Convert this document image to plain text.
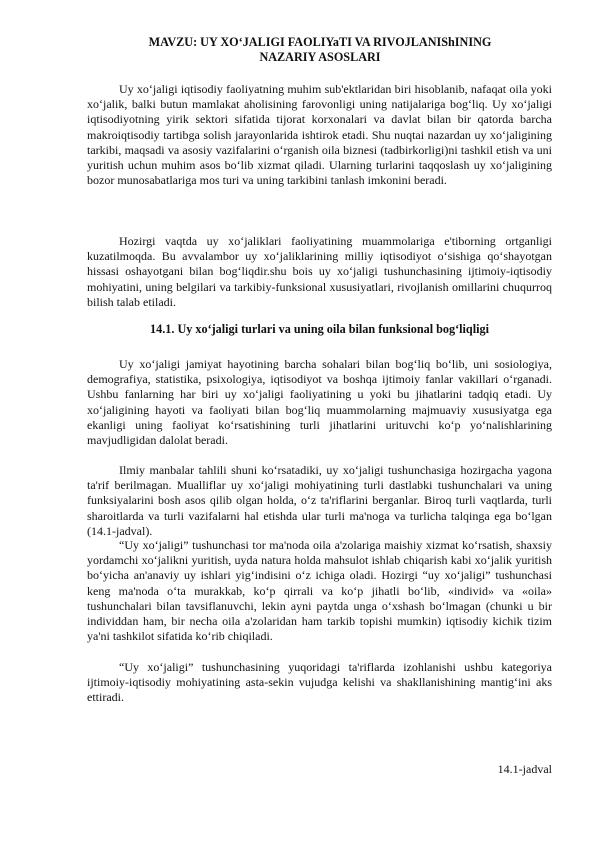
MAVZU: UY XO‘JALIGI FAOLIYaTI VA RIVOJLANIShINING
NAZARIY ASOSLARI

Uy xo‘jaligi iqtisodiy faoliyatning muhim sub'ektlaridan biri hisoblanib, nafaqat oila yoki xo‘jalik, balki butun mamlakat aholisining farovonligi uning natijalariga bog‘liq. Uy xo‘jaligi iqtisodiyotning yirik sektori sifatida tijorat korxonalari va davlat bilan bir qatorda barcha makroiqtisodiy tartibga solish jarayonlarida ishtirok etadi. Shu nuqtai nazardan uy xo‘jaligining tarkibi, maqsadi va asosiy vazifalarini o‘rganish oila biznesi (tadbirkorligi)ni tashkil etish va uni yuritish uchun muhim asos bo‘lib xizmat qiladi. Ularning turlarini taqqoslash uy xo‘jaligining bozor munosabatlariga mos turi va uning tarkibini tanlash imkonini beradi.

Hozirgi vaqtda uy xo‘jaliklari faoliyatining muammolariga e'tiborning ortganligi kuzatilmoqda. Bu avvalambor uy xo‘jaliklarining milliy iqtisodiyot o‘sishiga qo‘shayotgan hissasi oshayotgani bilan bog‘liqdir.shu bois uy xo‘jaligi tushunchasining ijtimoiy-iqtisodiy mohiyatini, uning belgilari va tarkibiy-funksional xususiyatlari, rivojlanish omillarini chuqurroq bilish talab etiladi.

14.1. Uy xo‘jaligi turlari va uning oila bilan funksional bog‘liqligi

Uy xo‘jaligi jamiyat hayotining barcha sohalari bilan bog‘liq bo‘lib, uni sosiologiya, demografiya, statistika, psixologiya, iqtisodiyot va boshqa ijtimoiy fanlar vakillari o‘rganadi. Ushbu fanlarning har biri uy xo‘jaligi faoliyatining u yoki bu jihatlarini tadqiq etadi. Uy xo‘jaligining hayoti va faoliyati bilan bog‘liq muammolarning majmuaviy xususiyatga ega ekanligi uning faoliyat ko‘rsatishining turli jihatlarini urituvchi ko‘p yo‘nalishlarining mavjudligidan dalolat beradi.

Ilmiy manbalar tahlili shuni ko‘rsatadiki, uy xo‘jaligi tushunchasiga hozirgacha yagona ta'rif berilmagan. Mualliflar uy xo‘jaligi mohiyatining turli dastlabki tushunchalari va uning funksiyalarini bosh asos qilib olgan holda, o‘z ta'riflarini berganlar. Biroq turli vaqtlarda, turli sharoitlarda va turli vazifalarni hal etishda ular turli ma'noga va turlicha talqinga ega bo‘lgan (14.1-jadval).

“Uy xo‘jaligi” tushunchasi tor ma'noda oila a'zolariga maishiy xizmat ko‘rsatish, shaxsiy yordamchi xo‘jalikni yuritish, uyda natura holda mahsulot ishlab chiqarish kabi xo‘jalik yuritish bo‘yicha an'anaviy uy ishlari yig‘indisini o‘z ichiga oladi. Hozirgi “uy xo‘jaligi” tushunchasi keng ma'noda o‘ta murakkab, ko‘p qirrali va ko‘p jihatli bo‘lib, «individ» va «oila» tushunchalari bilan tavsiflanuvchi, lekin ayni paytda unga o‘xshash bo‘lmagan (chunki u bir individdan ham, bir necha oila a'zolaridan ham tarkib topishi mumkin) iqtisodiy kichik tizim ya'ni tashkilot sifatida ko‘rib chiqiladi.

“Uy xo‘jaligi” tushunchasining yuqoridagi ta'riflarda izohlanishi ushbu kategoriya ijtimoiy-iqtisodiy mohiyatining asta-sekin vujudga kelishi va shakllanishining mantig‘ini aks ettiradi.

14.1-jadval
